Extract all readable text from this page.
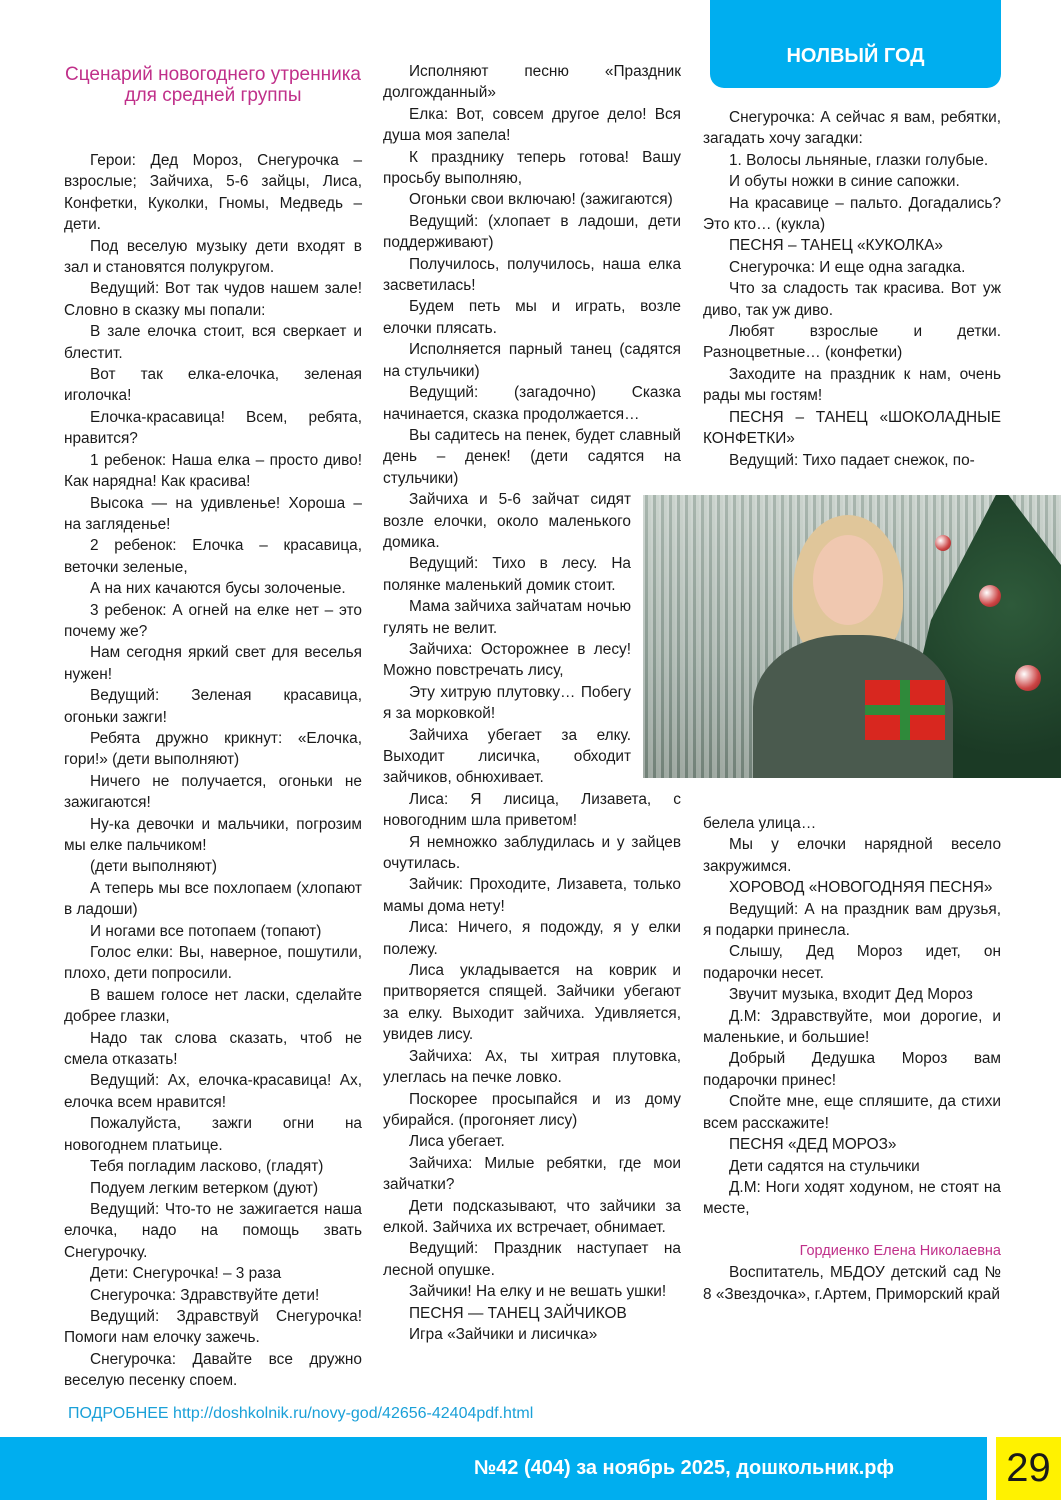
НОЛВЫЙ ГОД
Сценарий новогоднего утренника для средней группы

Герои: Дед Мороз, Снегурочка – взрослые; Зайчиха, 5-6 зайцы, Лиса, Конфетки, Куколки, Гномы, Медведь – дети.

Под веселую музыку дети входят в зал и становятся полукругом.

Ведущий: Вот так чудов нашем зале! Словно в сказку мы попали:

В зале елочка стоит, вся сверкает и блестит.

Вот так елка-елочка, зеленая иголочка!

Елочка-красавица! Всем, ребята, нравится?

1 ребенок: Наша елка – просто диво! Как нарядна! Как красива!

Высока — на удивленье! Хороша – на загляденье!

2 ребенок: Елочка – красавица, веточки зеленые,

А на них качаются бусы золоченые.

3 ребенок: А огней на елке нет – это почему же?

Нам сегодня яркий свет для веселья нужен!

Ведущий: Зеленая красавица, огоньки зажги!

Ребята дружно крикнут: «Елочка, гори!» (дети выполняют)

Ничего не получается, огоньки не зажигаются!

Ну-ка девочки и мальчики, погрозим мы елке пальчиком!

(дети выполняют)

А теперь мы все похлопаем (хлопают в ладоши)

И ногами все потопаем (топают)

Голос елки: Вы, наверное, пошутили, плохо, дети попросили.

В вашем голосе нет ласки, сделайте добрее глазки,

Надо так слова сказать, чтоб не смела отказать!

Ведущий: Ах, елочка-красавица! Ах, елочка всем нравится!

Пожалуйста, зажги огни на новогоднем платьице.

Тебя погладим ласково, (гладят)

Подуем легким ветерком (дуют)

Ведущий: Что-то не зажигается наша елочка, надо на помощь звать Снегурочку.

Дети: Снегурочка! – 3 раза

Снегурочка: Здравствуйте дети!

Ведущий: Здравствуй Снегурочка! Помоги нам елочку зажечь.

Снегурочка: Давайте все дружно веселую песенку споем.

Исполняют песню «Праздник долгожданный»

Елка: Вот, совсем другое дело! Вся душа моя запела!

К празднику теперь готова! Вашу просьбу выполняю,

Огоньки свои включаю! (зажигаются)

Ведущий: (хлопает в ладоши, дети поддерживают)

Получилось, получилось, наша елка засветилась!

Будем петь мы и играть, возле елочки плясать.

Исполняется парный танец (садятся на стульчики)

Ведущий: (загадочно) Сказка начинается, сказка продолжается…

Вы садитесь на пенек, будет славный день – денек! (дети садятся на стульчики)

Зайчиха и 5-6 зайчат сидят возле елочки, около маленького домика.

Ведущий: Тихо в лесу. На полянке маленький домик стоит.

Мама зайчиха зайчатам ночью гулять не велит.

Зайчиха: Осторожнее в лесу! Можно повстречать лису,

Эту хитрую плутовку… Побегу я за морковкой!

Зайчиха убегает за елку. Выходит лисичка, обходит зайчиков, обнюхивает.

Лиса: Я лисица, Лизавета, с новогодним шла приветом!

Я немножко заблудилась и у зайцев очутилась.

Зайчик: Проходите, Лизавета, только мамы дома нету!

Лиса: Ничего, я подожду, я у елки полежу.

Лиса укладывается на коврик и притворяется спящей. Зайчики убегают за елку. Выходит зайчиха. Удивляется, увидев лису.

Зайчиха: Ах, ты хитрая плутовка, улеглась на печке ловко.

Поскорее просыпайся и из дому убирайся. (прогоняет лису)

Лиса убегает.

Зайчиха: Милые ребятки, где мои зайчатки?

Дети подсказывают, что зайчики за елкой. Зайчиха их встречает, обнимает.

Ведущий: Праздник наступает на лесной опушке.

Зайчики! На елку и не вешать ушки!

ПЕСНЯ — ТАНЕЦ ЗАЙЧИКОВ

Игра «Зайчики и лисичка»

Снегурочка: А сейчас я вам, ребятки, загадать хочу загадки:

1. Волосы льняные, глазки голубые.

И обуты ножки в синие сапожки.

На красавице – пальто. Догадались? Это кто… (кукла)

ПЕСНЯ – ТАНЕЦ «КУКОЛКА»

Снегурочка: И еще одна загадка.

Что за сладость так красива. Вот уж диво, так уж диво.

Любят взрослые и детки. Разноцветные… (конфетки)

Заходите на праздник к нам, очень рады мы гостям!

ПЕСНЯ – ТАНЕЦ «ШОКОЛАДНЫЕ КОНФЕТКИ»

Ведущий: Тихо падает снежок, по-

белела улица…

Мы у елочки нарядной весело закружимся.

ХОРОВОД «НОВОГОДНЯЯ ПЕСНЯ»

Ведущий: А на праздник вам друзья, я подарки принесла.

Слышу, Дед Мороз идет, он подарочки несет.

Звучит музыка, входит Дед Мороз

Д.М: Здравствуйте, мои дорогие, и маленькие, и большие!

Добрый Дедушка Мороз вам подарочки принес!

Спойте мне, еще спляшите, да стихи всем расскажите!

ПЕСНЯ «ДЕД МОРОЗ»

Дети садятся на стульчики

Д.М: Ноги ходят ходуном, не стоят на месте,

Гордиенко Елена Николаевна

Воспитатель, МБДОУ детский сад № 8 «Звездочка», г.Артем, Приморский край

ПОДРОБНЕЕ http://doshkolnik.ru/novy-god/42656-42404pdf.html
№42 (404) за ноябрь 2025, дошкольник.рф	29
